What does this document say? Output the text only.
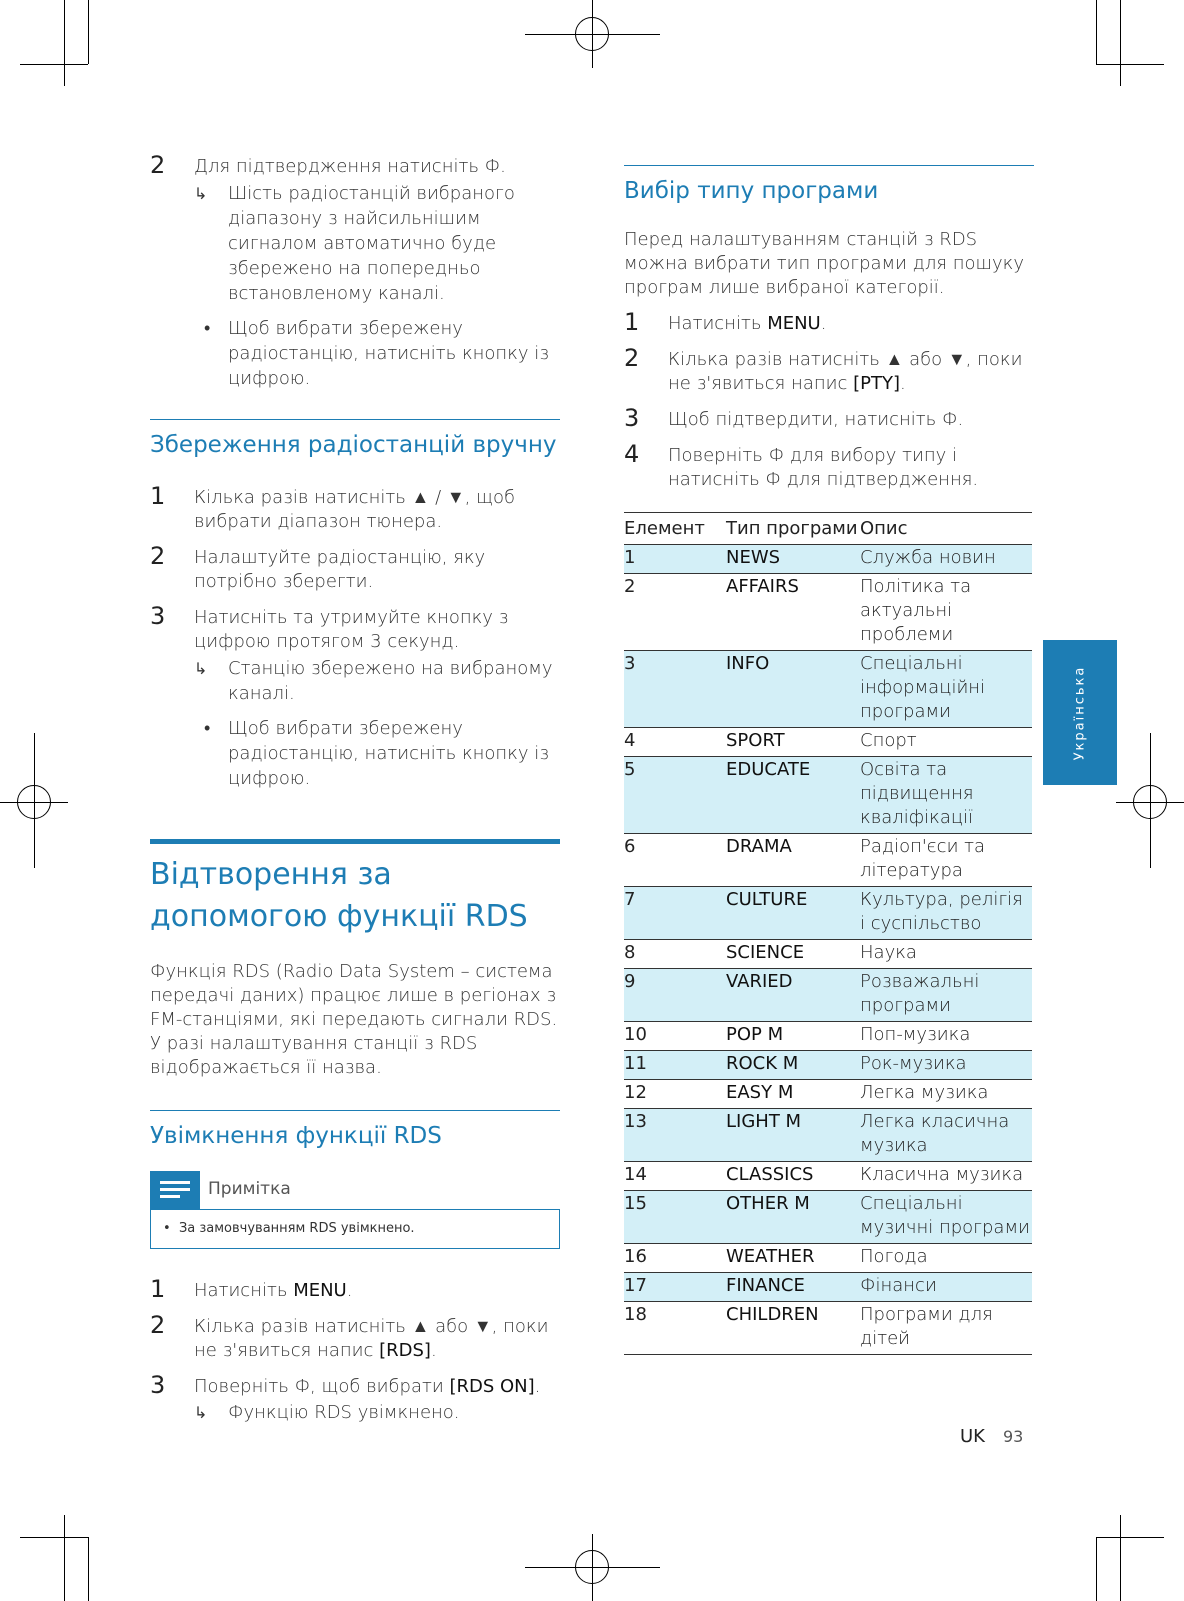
2 Для підтвердження натисніть Ф.
↳ Шість радіостанцій вибраного діапазону з найсильнішим сигналом автоматично буде збережено на попередньо встановленому каналі.
• Щоб вибрати збережену радіостанцію, натисніть кнопку із цифрою.
Збереження радіостанцій вручну
1 Кілька разів натисніть ▲ / ▼, щоб вибрати діапазон тюнера.
2 Налаштуйте радіостанцію, яку потрібно зберегти.
3 Натисніть та утримуйте кнопку з цифрою протягом 3 секунд.
↳ Станцію збережено на вибраному каналі.
• Щоб вибрати збережену радіостанцію, натисніть кнопку із цифрою.
Відтворення за допомогою функції RDS
Функція RDS (Radio Data System – система передачі даних) працює лише в регіонах з FM-станціями, які передають сигнали RDS. У разі налаштування станції з RDS відображається її назва.
Увімкнення функції RDS
Примітка
•  За замовчуванням RDS увімкнено.
1 Натисніть MENU.
2 Кілька разів натисніть ▲ або ▼, поки не з'явиться напис [RDS].
3 Поверніть Ф, щоб вибрати [RDS ON].
↳ Функцію RDS увімкнено.
Вибір типу програми
Перед налаштуванням станцій з RDS можна вибрати тип програми для пошуку програм лише вибраної категорії.
1 Натисніть MENU.
2 Кілька разів натисніть ▲ або ▼, поки не з'явиться напис [PTY].
3 Щоб підтвердити, натисніть Ф.
4 Поверніть Ф для вибору типу і натисніть Ф для підтвердження.
Елемент	Тип програми	Опис
1	NEWS	Служба новин
2	AFFAIRS	Політика та актуальні проблеми
3	INFO	Спеціальні інформаційні програми
4	SPORT	Спорт
5	EDUCATE	Освіта та підвищення кваліфікації
6	DRAMA	Радіоп'єси та література
7	CULTURE	Культура, релігія і суспільство
8	SCIENCE	Наука
9	VARIED	Розважальні програми
10	POP M	Поп-музика
11	ROCK M	Рок-музика
12	EASY M	Легка музика
13	LIGHT M	Легка класична музика
14	CLASSICS	Класична музика
15	OTHER M	Спеціальні музичні програми
16	WEATHER	Погода
17	FINANCE	Фінанси
18	CHILDREN	Програми для дітей
Українська
UK 93
